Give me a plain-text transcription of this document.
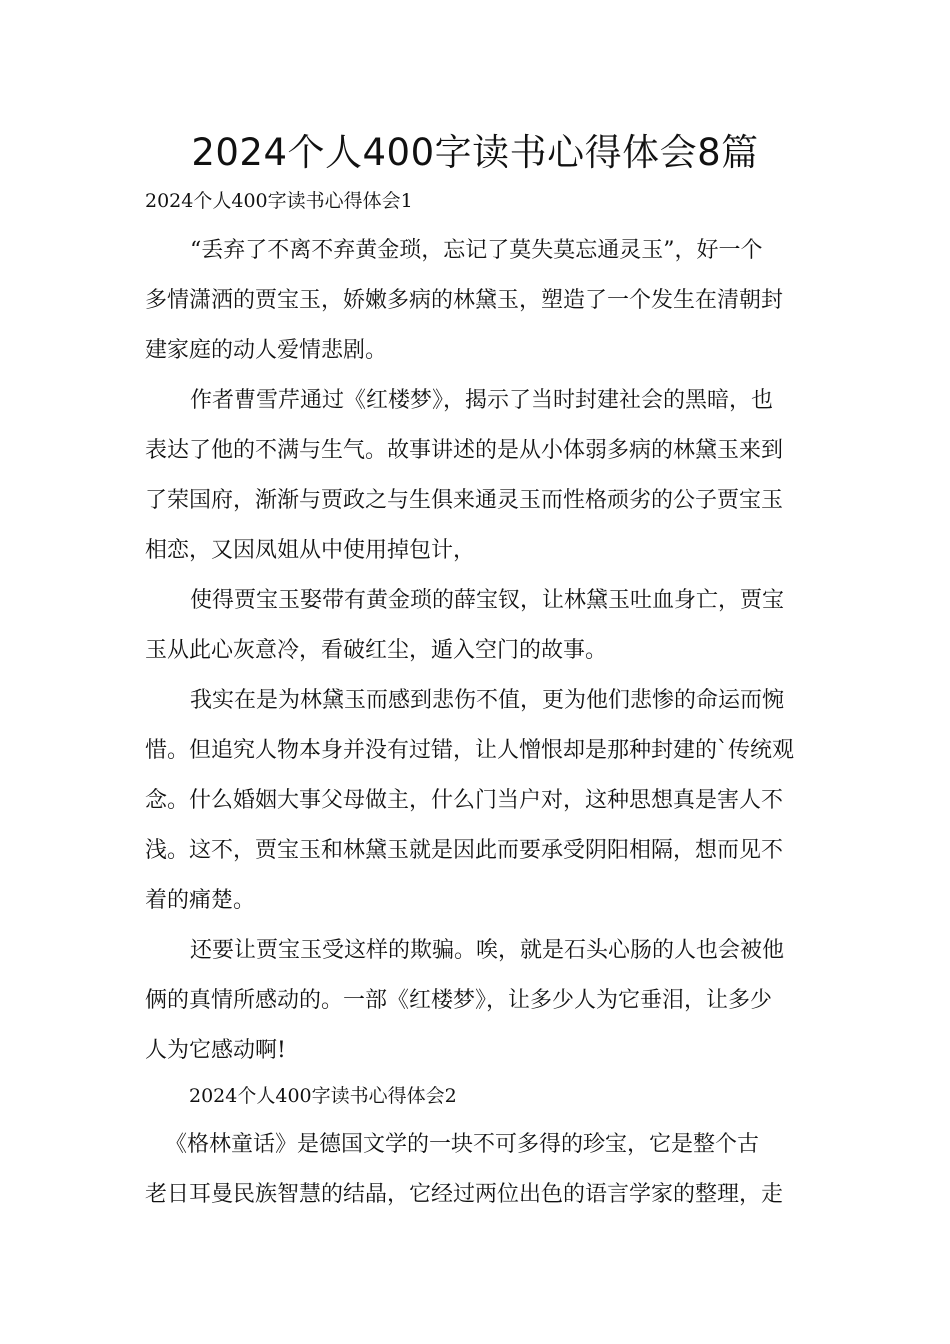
2024个人400字读书心得体会8篇

2024个人400字读书心得体会1

“丢弃了不离不弃黄金琐，忘记了莫失莫忘通灵玉”，好一个
多情潇洒的贾宝玉，娇嫩多病的林黛玉，塑造了一个发生在清朝封
建家庭的动人爱情悲剧。
作者曹雪芹通过《红楼梦》，揭示了当时封建社会的黑暗，也
表达了他的不满与生气。故事讲述的是从小体弱多病的林黛玉来到
了荣国府，渐渐与贾政之与生俱来通灵玉而性格顽劣的公子贾宝玉
相恋，又因凤姐从中使用掉包计，
使得贾宝玉娶带有黄金琐的薛宝钗，让林黛玉吐血身亡，贾宝
玉从此心灰意冷，看破红尘，遁入空门的故事。
我实在是为林黛玉而感到悲伤不值，更为他们悲惨的命运而惋
惜。但追究人物本身并没有过错，让人憎恨却是那种封建的`传统观
念。什么婚姻大事父母做主，什么门当户对，这种思想真是害人不
浅。这不，贾宝玉和林黛玉就是因此而要承受阴阳相隔，想而见不
着的痛楚。
还要让贾宝玉受这样的欺骗。唉，就是石头心肠的人也会被他
俩的真情所感动的。一部《红楼梦》，让多少人为它垂泪，让多少
人为它感动啊!

2024个人400字读书心得体会2

《格林童话》是德国文学的一块不可多得的珍宝，它是整个古
老日耳曼民族智慧的结晶，它经过两位出色的语言学家的整理，走
